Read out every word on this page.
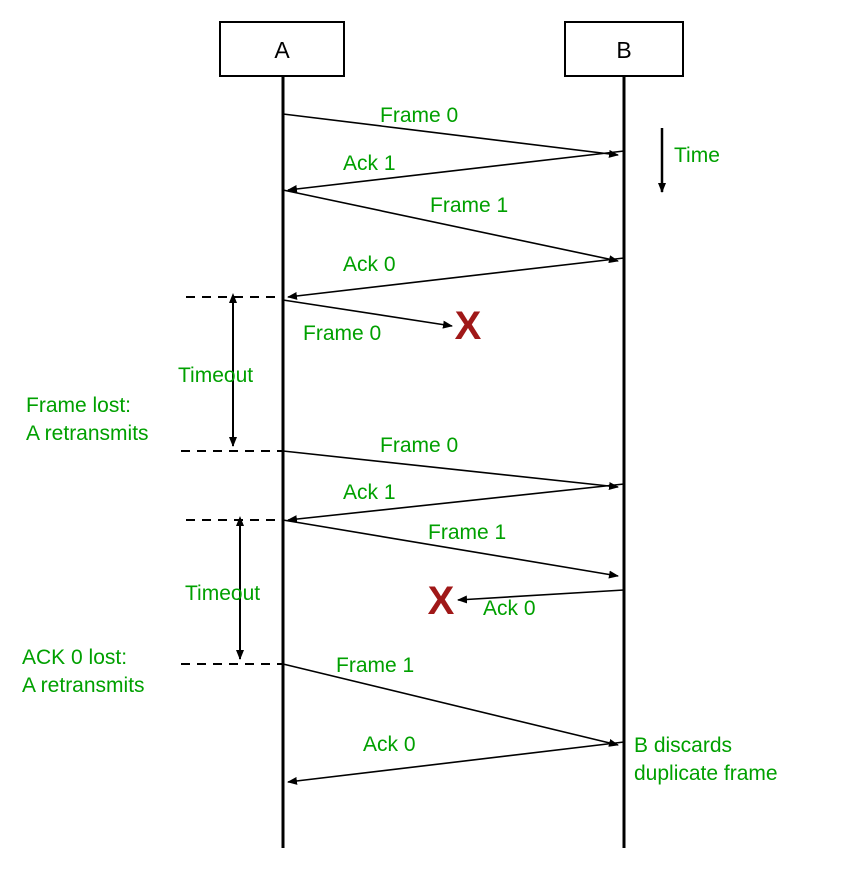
A	B
Time
Frame 0
Ack 1
Frame 1
Ack 0
Frame 0 X
Timeout
Frame lost:
A retransmits
Frame 0
Ack 1
Frame 1
Ack 0
X
Timeout
ACK 0 lost:
A retransmits
Frame 1
Ack 0	B discards
duplicate frame
